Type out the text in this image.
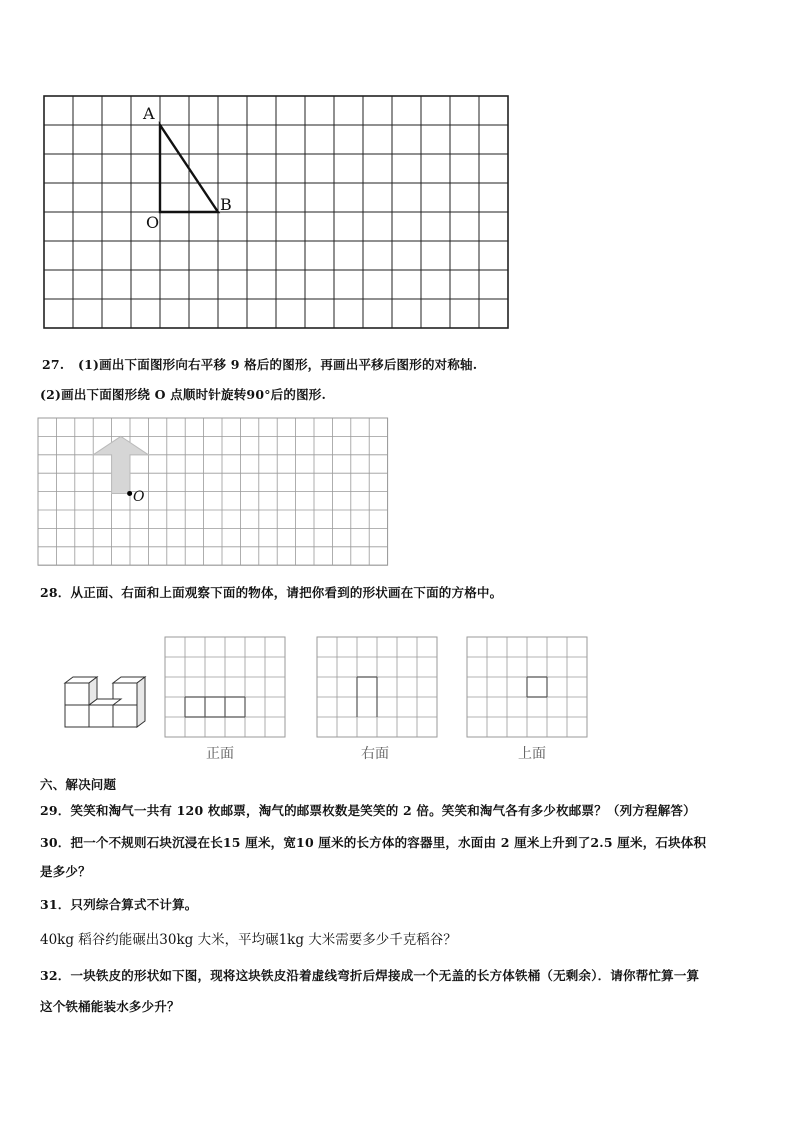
A
B
O
27. (1)画出下面图形向右平移 9 格后的图形，再画出平移后图形的对称轴.
(2)画出下面图形绕 O 点顺时针旋转90°后的图形.
O
28．从正面、右面和上面观察下面的物体，请把你看到的形状画在下面的方格中。
正面	右面	上面
六、解决问题
29．笑笑和淘气一共有 120 枚邮票，淘气的邮票枚数是笑笑的 2 倍。笑笑和淘气各有多少枚邮票？（列方程解答）
30．把一个不规则石块沉浸在长15 厘米，宽10 厘米的长方体的容器里，水面由 2 厘米上升到了2.5 厘米，石块体积
是多少？
31．只列综合算式不计算。
40kg 稻谷约能碾出30kg 大米，平均碾1kg 大米需要多少千克稻谷？
32．一块铁皮的形状如下图，现将这块铁皮沿着虚线弯折后焊接成一个无盖的长方体铁桶（无剩余）．请你帮忙算一算
这个铁桶能装水多少升？
